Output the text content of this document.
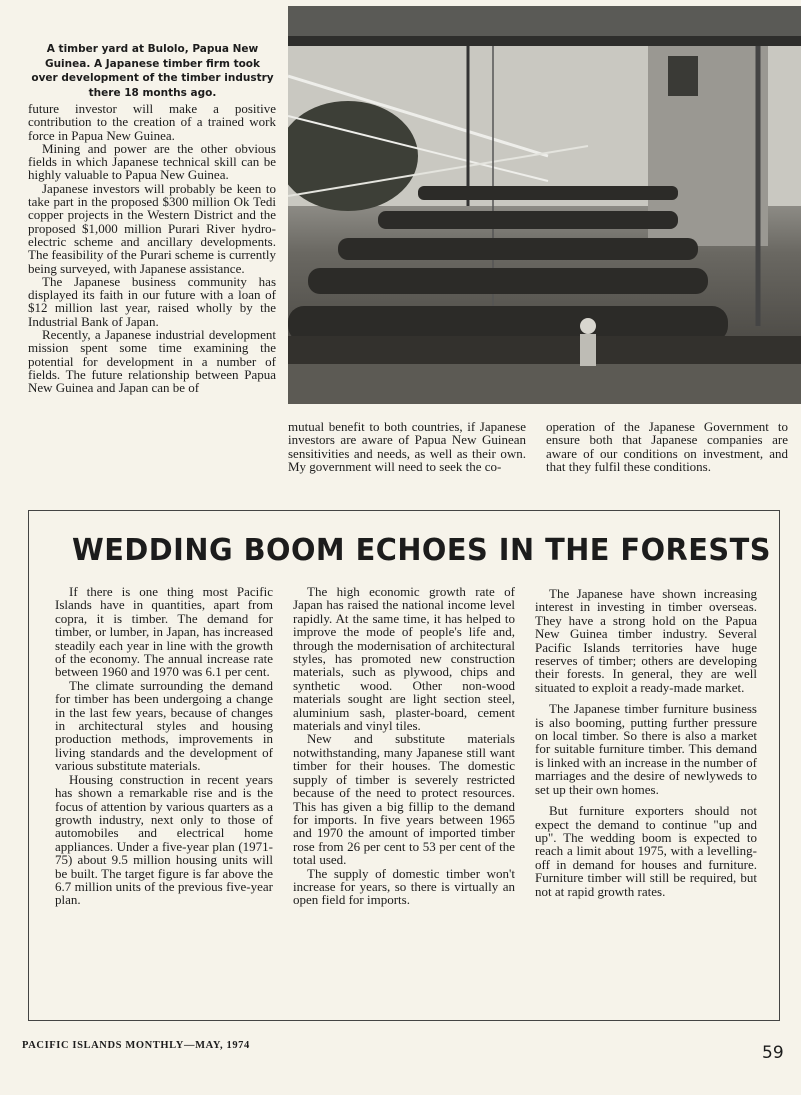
A timber yard at Bulolo, Papua New Guinea. A Japanese timber firm took over development of the timber industry there 18 months ago.

future investor will make a positive contribution to the creation of a trained work force in Papua New Guinea.

Mining and power are the other obvious fields in which Japanese technical skill can be highly valuable to Papua New Guinea.

Japanese investors will probably be keen to take part in the proposed $300 million Ok Tedi copper projects in the Western District and the proposed $1,000 million Purari River hydro-electric scheme and ancillary developments. The feasibility of the Purari scheme is currently being surveyed, with Japanese assistance.

The Japanese business community has displayed its faith in our future with a loan of $12 million last year, raised wholly by the Industrial Bank of Japan.

Recently, a Japanese industrial development mission spent some time examining the potential for development in a number of fields. The future relationship between Papua New Guinea and Japan can be of

mutual benefit to both countries, if Japanese investors are aware of Papua New Guinean sensitivities and needs, as well as their own. My government will need to seek the co-

operation of the Japanese Government to ensure both that Japanese companies are aware of our conditions on investment, and that they fulfil these conditions.

WEDDING BOOM ECHOES IN THE FORESTS

If there is one thing most Pacific Islands have in quantities, apart from copra, it is timber. The demand for timber, or lumber, in Japan, has increased steadily each year in line with the growth of the economy. The annual increase rate between 1960 and 1970 was 6.1 per cent.

The climate surrounding the demand for timber has been undergoing a change in the last few years, because of changes in architectural styles and housing production methods, improvements in living standards and the development of various substitute materials.

Housing construction in recent years has shown a remarkable rise and is the focus of attention by various quarters as a growth industry, next only to those of automobiles and electrical home appliances. Under a five-year plan (1971-75) about 9.5 million housing units will be built. The target figure is far above the 6.7 million units of the previous five-year plan.

The high economic growth rate of Japan has raised the national income level rapidly. At the same time, it has helped to improve the mode of people's life and, through the modernisation of architectural styles, has promoted new construction materials, such as plywood, chips and synthetic wood. Other non-wood materials sought are light section steel, aluminium sash, plaster-board, cement materials and vinyl tiles.

New and substitute materials notwithstanding, many Japanese still want timber for their houses. The domestic supply of timber is severely restricted because of the need to protect resources. This has given a big fillip to the demand for imports. In five years between 1965 and 1970 the amount of imported timber rose from 26 per cent to 53 per cent of the total used.

The supply of domestic timber won't increase for years, so there is virtually an open field for imports.

The Japanese have shown increasing interest in investing in timber overseas. They have a strong hold on the Papua New Guinea timber industry. Several Pacific Islands territories have huge reserves of timber; others are developing their forests. In general, they are well situated to exploit a ready-made market.

The Japanese timber furniture business is also booming, putting further pressure on local timber. So there is also a market for suitable furniture timber. This demand is linked with an increase in the number of marriages and the desire of newlyweds to set up their own homes.

But furniture exporters should not expect the demand to continue "up and up". The wedding boom is expected to reach a limit about 1975, with a levelling-off in demand for houses and furniture. Furniture timber will still be required, but not at rapid growth rates.

PACIFIC ISLANDS MONTHLY—MAY, 1974	59
